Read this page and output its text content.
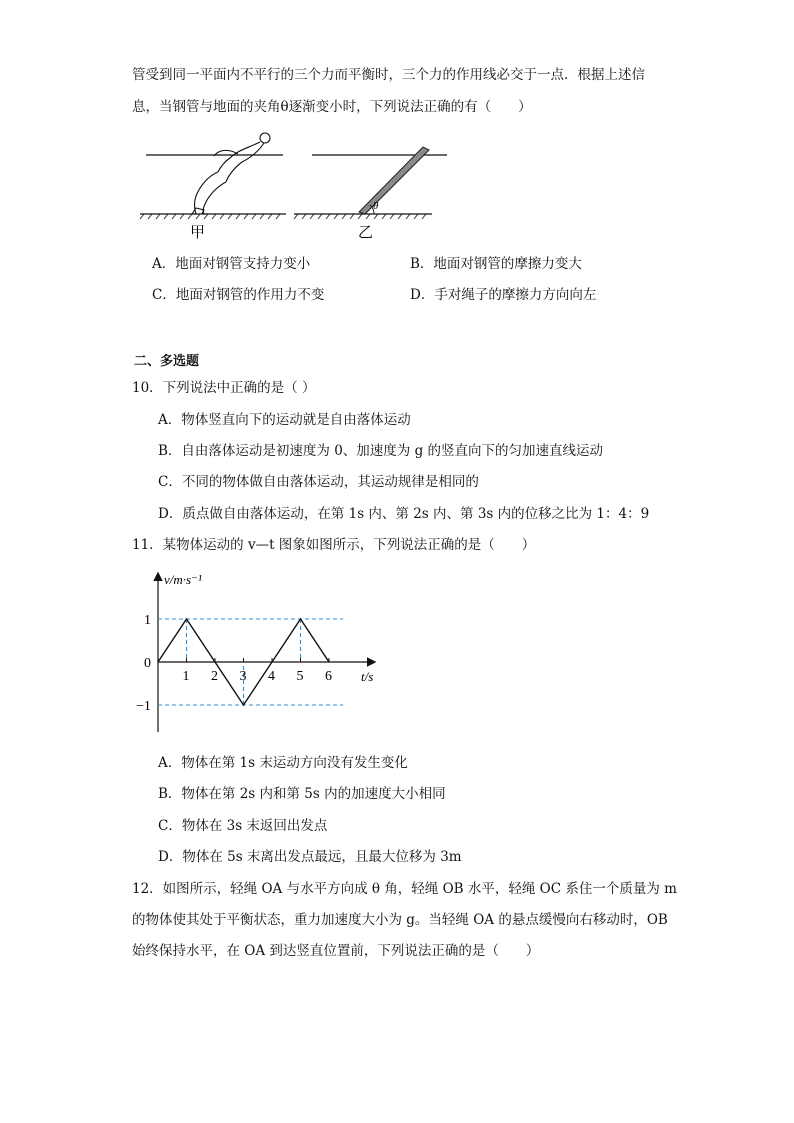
管受到同一平面内不平行的三个力而平衡时，三个力的作用线必交于一点．根据上述信
息，当钢管与地面的夹角θ逐渐变小时，下列说法正确的有（　　）
甲
θ
乙
A．地面对钢管支持力变小	B．地面对钢管的摩擦力变大
C．地面对钢管的作用力不变	D．手对绳子的摩擦力方向向左
二、多选题
10．下列说法中正确的是（ ）
A．物体竖直向下的运动就是自由落体运动
B．自由落体运动是初速度为 0、加速度为 g 的竖直向下的匀加速直线运动
C．不同的物体做自由落体运动，其运动规律是相同的
D．质点做自由落体运动，在第 1s 内、第 2s 内、第 3s 内的位移之比为 1：4：9
11．某物体运动的 v—t 图象如图所示，下列说法正确的是（　　）
1 2 3 4 5 6
1
0
−1
v/m·s⁻¹
t/s
A．物体在第 1s 末运动方向没有发生变化
B．物体在第 2s 内和第 5s 内的加速度大小相同
C．物体在 3s 末返回出发点
D．物体在 5s 末离出发点最远，且最大位移为 3m
12．如图所示，轻绳 OA 与水平方向成 θ 角，轻绳 OB 水平，轻绳 OC 系住一个质量为 m
的物体使其处于平衡状态，重力加速度大小为 g。当轻绳 OA 的悬点缓慢向右移动时，OB
始终保持水平，在 OA 到达竖直位置前，下列说法正确的是（　　）
